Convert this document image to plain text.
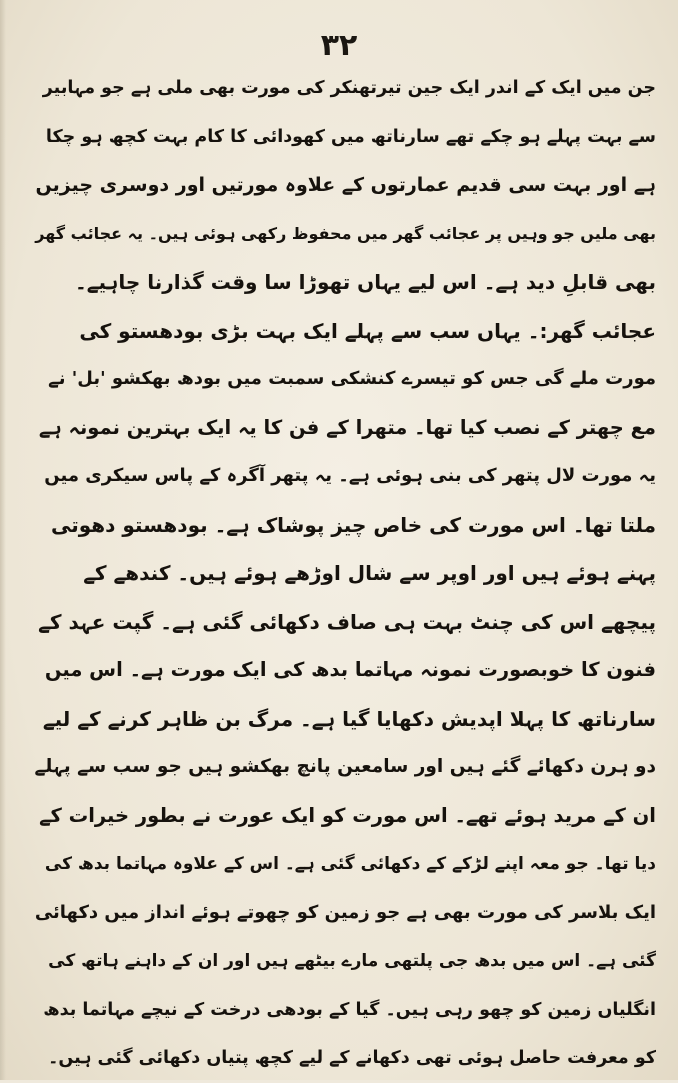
۳۲
جن میں ایک کے اندر ایک جین تیرتھنکر کی مورت بھی ملی ہے جو مہابیر
سے بہت پہلے ہو چکے تھے سارناتھ میں کھودائی کا کام بہت کچھ ہو چکا
ہے اور بہت سی قدیم عمارتوں کے علاوہ مورتیں اور دوسری چیزیں
بھی ملیں جو وہیں پر عجائب گھر میں محفوظ رکھی ہوئی ہیں۔ یہ عجائب گھر
بھی قابلِ دید ہے۔ اس لیے یہاں تھوڑا سا وقت گذارنا چاہیے۔
عجائب گھر:۔ یہاں سب سے پہلے ایک بہت بڑی بودھستو کی
مورت ملے گی جس کو تیسرے کنشکی سمبت میں بودھ بھکشو 'بل' نے
مع چھتر کے نصب کیا تھا۔ متھرا کے فن کا یہ ایک بہترین نمونہ ہے
یہ مورت لال پتھر کی بنی ہوئی ہے۔ یہ پتھر آگرہ کے پاس سیکری میں
ملتا تھا۔ اس مورت کی خاص چیز پوشاک ہے۔ بودھستو دھوتی
پہنے ہوئے ہیں اور اوپر سے شال اوڑھے ہوئے ہیں۔ کندھے کے
پیچھے اس کی چنٹ بہت ہی صاف دکھائی گئی ہے۔ گپت عہد کے
فنون کا خوبصورت نمونہ مہاتما بدھ کی ایک مورت ہے۔ اس میں
سارناتھ کا پہلا اپدیش دکھایا گیا ہے۔ مرگ بن ظاہر کرنے کے لیے
دو ہرن دکھائے گئے ہیں اور سامعین پانچ بھکشو ہیں جو سب سے پہلے
ان کے مرید ہوئے تھے۔ اس مورت کو ایک عورت نے بطور خیرات کے
دیا تھا۔ جو معہ اپنے لڑکے کے دکھائی گئی ہے۔ اس کے علاوہ مہاتما بدھ کی
ایک بلاسر کی مورت بھی ہے جو زمین کو چھوتے ہوئے انداز میں دکھائی
گئی ہے۔ اس میں بدھ جی پلتھی مارے بیٹھے ہیں اور ان کے داہنے ہاتھ کی
انگلیاں زمین کو چھو رہی ہیں۔ گیا کے بودھی درخت کے نیچے مہاتما بدھ
کو معرفت حاصل ہوئی تھی دکھانے کے لیے کچھ پتیاں دکھائی گئی ہیں۔
